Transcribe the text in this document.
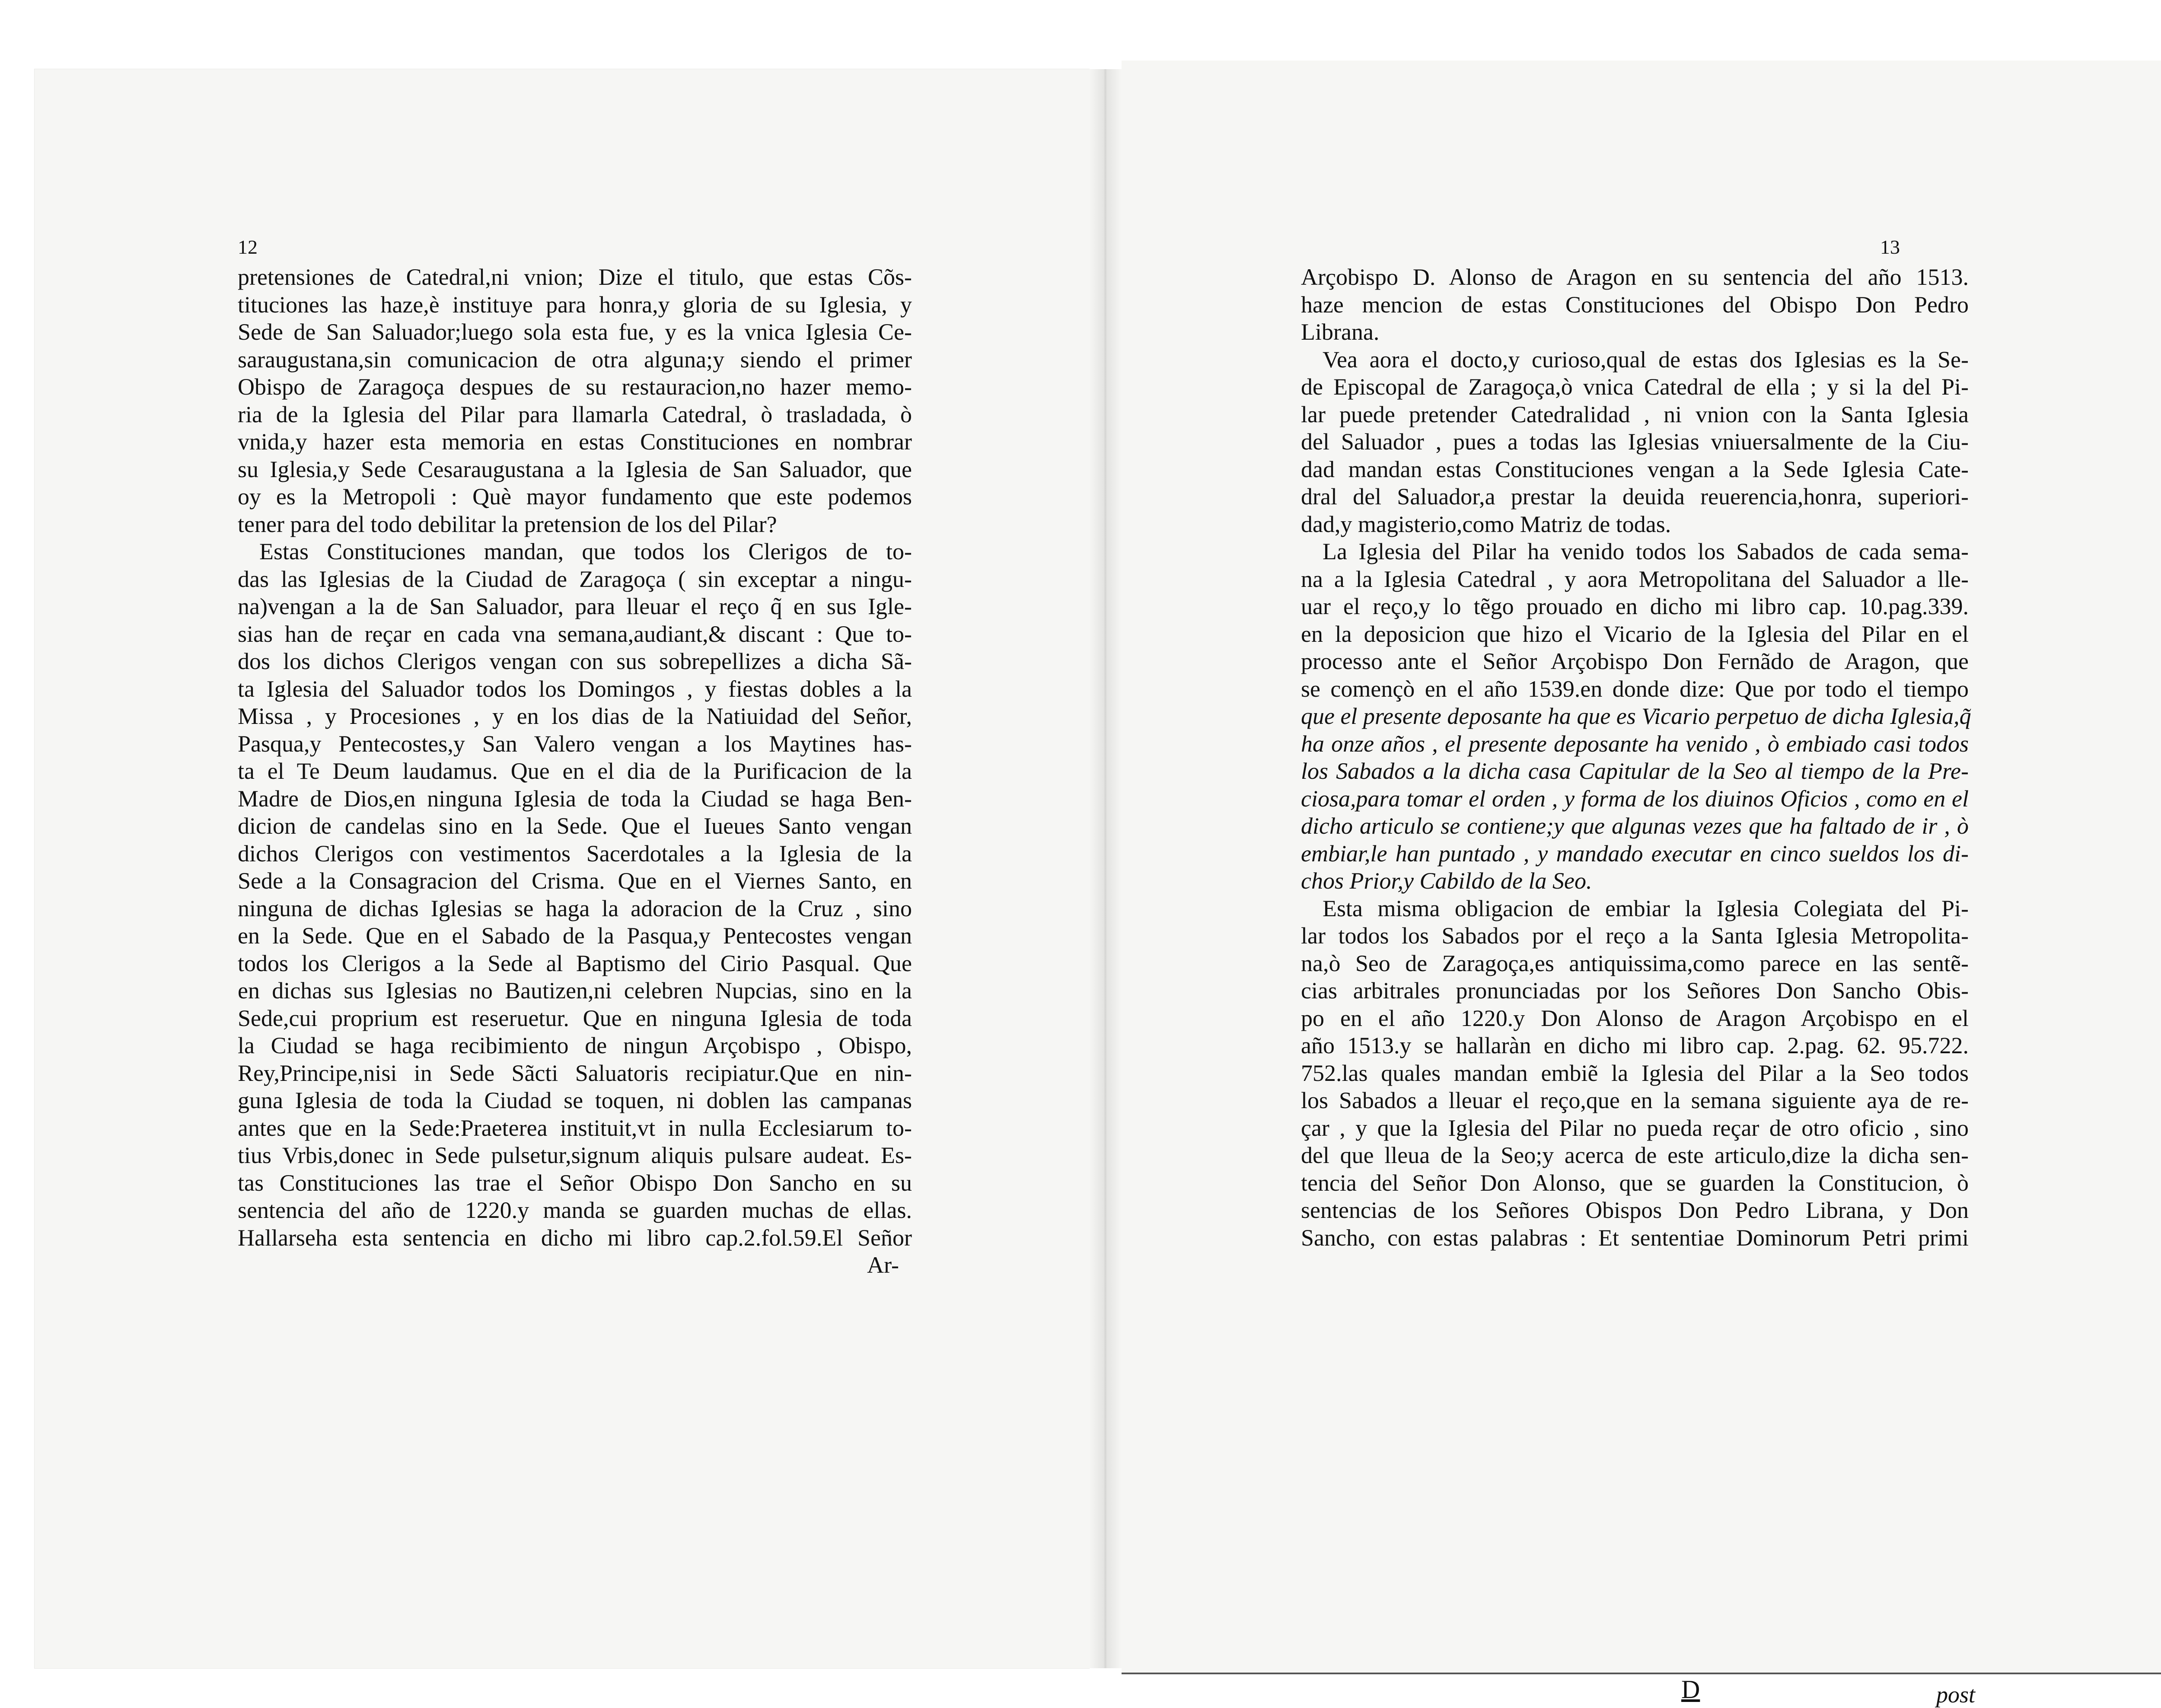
12
pretensiones de Catedral,ni vnion; Dize el titulo, que estas Cõs-
tituciones las haze,è instituye para honra,y gloria de su Iglesia, y
Sede de San Saluador;luego sola esta fue, y es la vnica Iglesia Ce-
saraugustana,sin comunicacion de otra alguna;y siendo el primer
Obispo de Zaragoça despues de su restauracion,no hazer memo-
ria de la Iglesia del Pilar para llamarla Catedral, ò trasladada, ò
vnida,y hazer esta memoria en estas Constituciones en nombrar
su Iglesia,y Sede Cesaraugustana a la Iglesia de San Saluador, que
oy es la Metropoli : Què mayor fundamento que este podemos
tener para del todo debilitar la pretension de los del Pilar?
Estas Constituciones mandan, que todos los Clerigos de to-
das las Iglesias de la Ciudad de Zaragoça ( sin exceptar a ningu-
na)vengan a la de San Saluador, para lleuar el reço q̃ en sus Igle-
sias han de reçar en cada vna semana,audiant,& discant : Que to-
dos los dichos Clerigos vengan con sus sobrepellizes a dicha Sã-
ta Iglesia del Saluador todos los Domingos , y fiestas dobles a la
Missa , y Procesiones , y en los dias de la Natiuidad del Señor,
Pasqua,y Pentecostes,y San Valero vengan a los Maytines has-
ta el Te Deum laudamus. Que en el dia de la Purificacion de la
Madre de Dios,en ninguna Iglesia de toda la Ciudad se haga Ben-
dicion de candelas sino en la Sede. Que el Iueues Santo vengan
dichos Clerigos con vestimentos Sacerdotales a la Iglesia de la
Sede a la Consagracion del Crisma. Que en el Viernes Santo, en
ninguna de dichas Iglesias se haga la adoracion de la Cruz , sino
en la Sede. Que en el Sabado de la Pasqua,y Pentecostes vengan
todos los Clerigos a la Sede al Baptismo del Cirio Pasqual. Que
en dichas sus Iglesias no Bautizen,ni celebren Nupcias, sino en la
Sede,cui proprium est reseruetur. Que en ninguna Iglesia de toda
la Ciudad se haga recibimiento de ningun Arçobispo , Obispo,
Rey,Principe,nisi in Sede Sãcti Saluatoris recipiatur.Que en nin-
guna Iglesia de toda la Ciudad se toquen, ni doblen las campanas
antes que en la Sede:Praeterea instituit,vt in nulla Ecclesiarum to-
tius Vrbis,donec in Sede pulsetur,signum aliquis pulsare audeat. Es-
tas Constituciones las trae el Señor Obispo Don Sancho en su
sentencia del año de 1220.y manda se guarden muchas de ellas.
Hallarseha esta sentencia en dicho mi libro cap.2.fol.59.El Señor
Ar-
13
Arçobispo D. Alonso de Aragon en su sentencia del año 1513.
haze mencion de estas Constituciones del Obispo Don Pedro
Librana.
Vea aora el docto,y curioso,qual de estas dos Iglesias es la Se-
de Episcopal de Zaragoça,ò vnica Catedral de ella ; y si la del Pi-
lar puede pretender Catedralidad , ni vnion con la Santa Iglesia
del Saluador , pues a todas las Iglesias vniuersalmente de la Ciu-
dad mandan estas Constituciones vengan a la Sede Iglesia Cate-
dral del Saluador,a prestar la deuida reuerencia,honra, superiori-
dad,y magisterio,como Matriz de todas.
La Iglesia del Pilar ha venido todos los Sabados de cada sema-
na a la Iglesia Catedral , y aora Metropolitana del Saluador a lle-
uar el reço,y lo tẽgo prouado en dicho mi libro cap. 10.pag.339.
en la deposicion que hizo el Vicario de la Iglesia del Pilar en el
processo ante el Señor Arçobispo Don Fernãdo de Aragon, que
se començò en el año 1539.en donde dize: Que por todo el tiempo
que el presente deposante ha que es Vicario perpetuo de dicha Iglesia,q̃
ha onze años , el presente deposante ha venido , ò embiado casi todos
los Sabados a la dicha casa Capitular de la Seo al tiempo de la Pre-
ciosa,para tomar el orden , y forma de los diuinos Oficios , como en el
dicho articulo se contiene;y que algunas vezes que ha faltado de ir , ò
embiar,le han puntado , y mandado executar en cinco sueldos los di-
chos Prior,y Cabildo de la Seo.
Esta misma obligacion de embiar la Iglesia Colegiata del Pi-
lar todos los Sabados por el reço a la Santa Iglesia Metropolita-
na,ò Seo de Zaragoça,es antiquissima,como parece en las sentẽ-
cias arbitrales pronunciadas por los Señores Don Sancho Obis-
po en el año 1220.y Don Alonso de Aragon Arçobispo en el
año 1513.y se hallaràn en dicho mi libro cap. 2.pag. 62. 95.722.
752.las quales mandan embiẽ la Iglesia del Pilar a la Seo todos
los Sabados a lleuar el reço,que en la semana siguiente aya de re-
çar , y que la Iglesia del Pilar no pueda reçar de otro oficio , sino
del que lleua de la Seo;y acerca de este articulo,dize la dicha sen-
tencia del Señor Don Alonso, que se guarden la Constitucion, ò
sentencias de los Señores Obispos Don Pedro Librana, y Don
Sancho, con estas palabras : Et sententiae Dominorum Petri primi
D	post
